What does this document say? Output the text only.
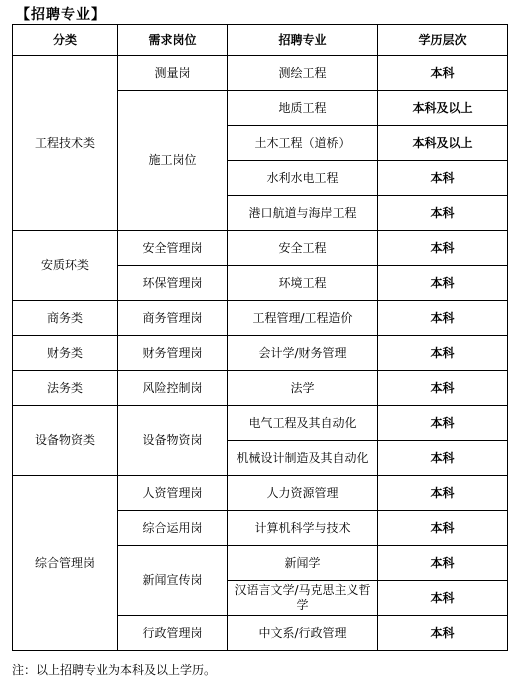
【招聘专业】
分类	需求岗位	招聘专业	学历层次
工程技术类	测量岗	测绘工程	本科
	施工岗位	地质工程	本科及以上
		土木工程（道桥）	本科及以上
		水利水电工程	本科
		港口航道与海岸工程	本科
安质环类	安全管理岗	安全工程	本科
	环保管理岗	环境工程	本科
商务类	商务管理岗	工程管理/工程造价	本科
财务类	财务管理岗	会计学/财务管理	本科
法务类	风险控制岗	法学	本科
设备物资类	设备物资岗	电气工程及其自动化	本科
		机械设计制造及其自动化	本科
综合管理岗	人资管理岗	人力资源管理	本科
	综合运用岗	计算机科学与技术	本科
	新闻宣传岗	新闻学	本科
		汉语言文学/马克思主义哲学	本科
	行政管理岗	中文系/行政管理	本科
注：以上招聘专业为本科及以上学历。
